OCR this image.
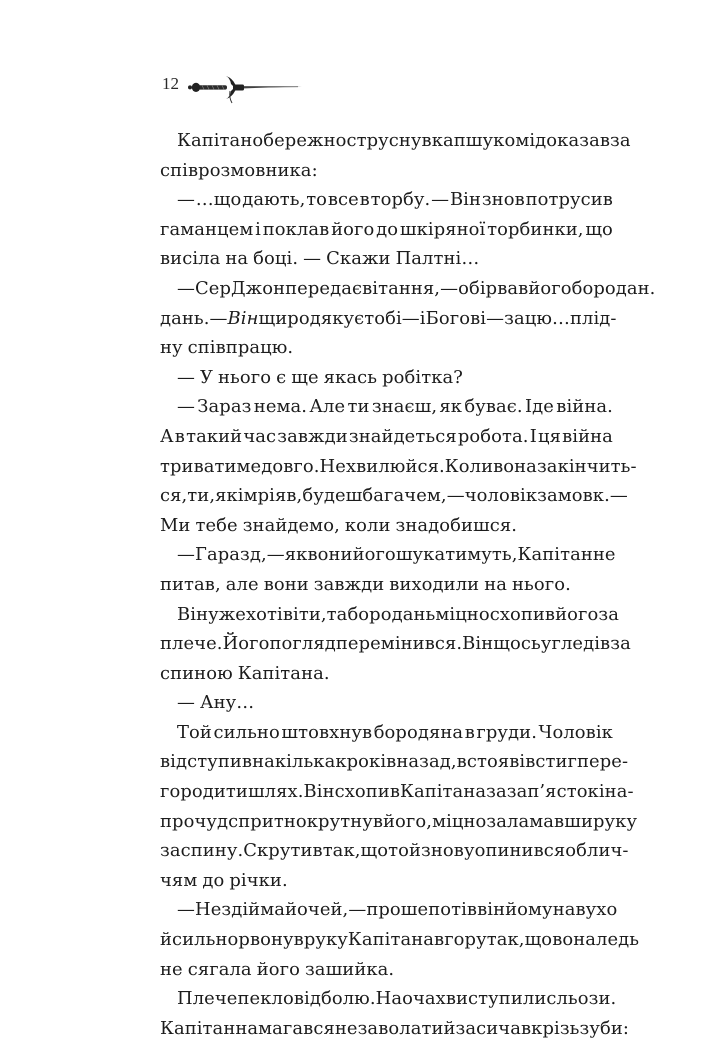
12
Капітан обережно струснув капшуком і доказав за
співрозмовника:
— …що дають, то все в торбу. — Він знов потрусив
гаманцем і поклав його до шкіряної торбинки, що
висіла на боці. — Скажи Палтні…
— Сер Джон передає вітання, — обірвав його бородан.
дань. — Він щиро дякує тобі — і Богові — за цю… плід-
ну співпрацю.
— У нього є ще якась робітка?
— Зараз нема. Але ти знаєш, як буває. Іде війна.
А в такий час завжди знайдеться робота. І ця війна
триватиме довго. Не хвилюйся. Коли вона закінчить-
ся, ти, як і мріяв, будеш багачем, — чоловік замовк. —
Ми тебе знайдемо, коли знадобишся.
— Гаразд, — як вони його шукатимуть, Капітан не
питав, але вони завжди виходили на нього.
Він уже хотів іти, та бородань міцно схопив його за
плече. Його погляд перемінився. Він щось угледів за
спиною Капітана.
— Ану…
Той сильно штовхнув бородяна в груди. Чоловік
відступив на кілька кроків назад, встояв і встиг пере-
городити шлях. Він схопив Капітана за зап’ясток і на-
прочуд спритно крутнув його, міцно заламавши руку
за спину. Скрутив так, що той знову опинився облич-
чям до річки.
— Не здіймай очей, — прошепотів він йому на вухо
й сильно рвонув руку Капітана вгору так, що вона ледь
не сягала його зашийка.
Плече пекло від болю. На очах виступили сльози.
Капітан намагався не заволати й засичав крізь зуби:
